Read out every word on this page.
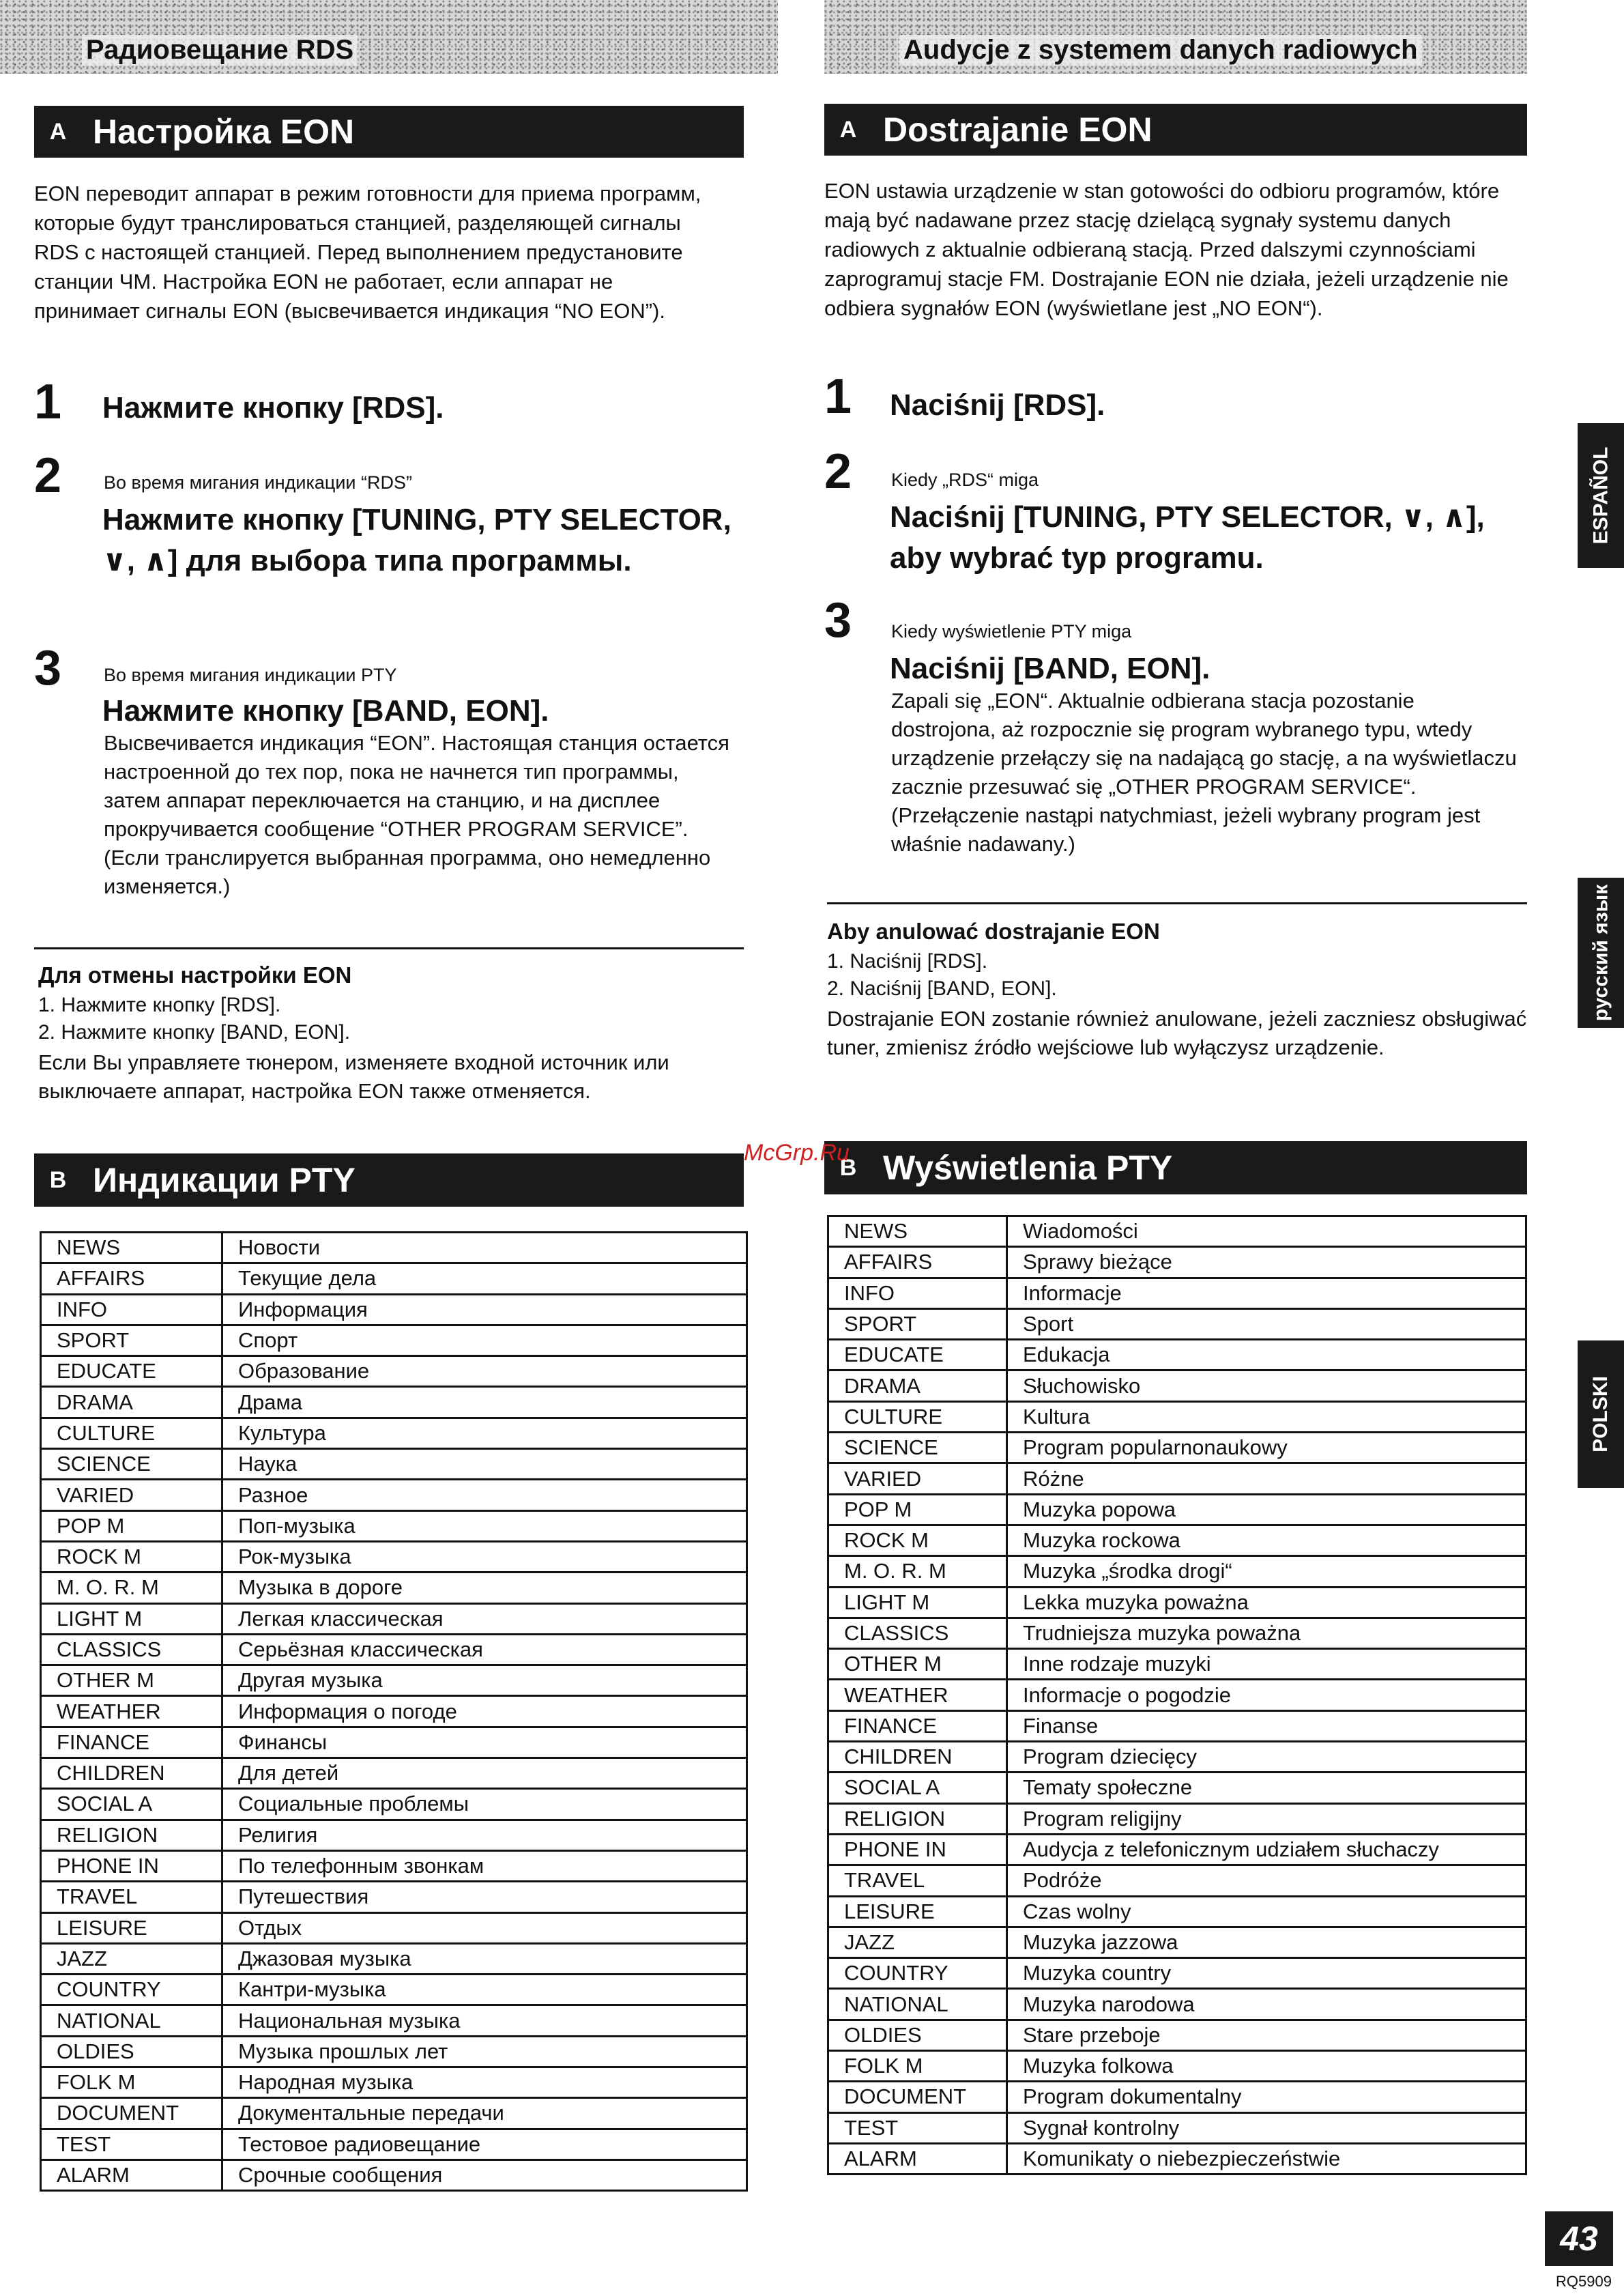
Радиовещание RDS
A Настройка EON

EON переводит аппарат в режим готовности для приема программ, которые будут транслироваться станцией, разделяющей сигналы RDS с настоящей станцией. Перед выполнением предустановите станции ЧМ. Настройка EON не работает, если аппарат не принимает сигналы EON (высвечивается индикация “NO EON”).

1 Нажмите кнопку [RDS].
2 Во время мигания индикации “RDS”
Нажмите кнопку [TUNING, PTY SELECTOR, ∨, ∧] для выбора типа программы.
3 Во время мигания индикации PTY
Нажмите кнопку [BAND, EON].
Высвечивается индикация “EON”. Настоящая станция остается настроенной до тех пор, пока не начнется тип программы, затем аппарат переключается на станцию, и на дисплее прокручивается сообщение “OTHER PROGRAM SERVICE”. (Если транслируется выбранная программа, оно немедленно изменяется.)
Для отмены настройки EON
1. Нажмите кнопку [RDS].
2. Нажмите кнопку [BAND, EON].
Если Вы управляете тюнером, изменяете входной источник или выключаете аппарат, настройка EON также отменяется.
B Индикации PTY
NEWS	Новости
AFFAIRS	Текущие дела
INFO	Информация
SPORT	Спорт
EDUCATE	Образование
DRAMA	Драма
CULTURE	Культура
SCIENCE	Наука
VARIED	Разное
POP M	Поп-музыка
ROCK M	Рок-музыка
M. O. R. M	Музыка в дороге
LIGHT M	Легкая классическая
CLASSICS	Серьёзная классическая
OTHER M	Другая музыка
WEATHER	Информация о погоде
FINANCE	Финансы
CHILDREN	Для детей
SOCIAL A	Социальные проблемы
RELIGION	Религия
PHONE IN	По телефонным звонкам
TRAVEL	Путешествия
LEISURE	Отдых
JAZZ	Джазовая музыка
COUNTRY	Кантри-музыка
NATIONAL	Национальная музыка
OLDIES	Музыка прошлых лет
FOLK M	Народная музыка
DOCUMENT	Документальные передачи
TEST	Тестовое радиовещание
ALARM	Срочные сообщения
Audycje z systemem danych radiowych
A Dostrajanie EON

EON ustawia urządzenie w stan gotowości do odbioru programów, które mają być nadawane przez stację dzielącą sygnały systemu danych radiowych z aktualnie odbieraną stacją. Przed dalszymi czynnościami zaprogramuj stacje FM. Dostrajanie EON nie działa, jeżeli urządzenie nie odbiera sygnałów EON (wyświetlane jest „NO EON“).

1 Naciśnij [RDS].
2 Kiedy „RDS“ miga
Naciśnij [TUNING, PTY SELECTOR, ∨, ∧], aby wybrać typ programu.
3 Kiedy wyświetlenie PTY miga
Naciśnij [BAND, EON].
Zapali się „EON“. Aktualnie odbierana stacja pozostanie dostrojona, aż rozpocznie się program wybranego typu, wtedy urządzenie przełączy się na nadającą go stację, a na wyświetlaczu zacznie przesuwać się „OTHER PROGRAM SERVICE“. (Przełączenie nastąpi natychmiast, jeżeli wybrany program jest właśnie nadawany.)
Aby anulować dostrajanie EON
1. Naciśnij [RDS].
2. Naciśnij [BAND, EON].
Dostrajanie EON zostanie również anulowane, jeżeli zaczniesz obsługiwać tuner, zmienisz źródło wejściowe lub wyłączysz urządzenie.
B Wyświetlenia PTY
NEWS	Wiadomości
AFFAIRS	Sprawy bieżące
INFO	Informacje
SPORT	Sport
EDUCATE	Edukacja
DRAMA	Słuchowisko
CULTURE	Kultura
SCIENCE	Program popularnonaukowy
VARIED	Różne
POP M	Muzyka popowa
ROCK M	Muzyka rockowa
M. O. R. M	Muzyka „środka drogi“
LIGHT M	Lekka muzyka poważna
CLASSICS	Trudniejsza muzyka poważna
OTHER M	Inne rodzaje muzyki
WEATHER	Informacje o pogodzie
FINANCE	Finanse
CHILDREN	Program dziecięcy
SOCIAL A	Tematy społeczne
RELIGION	Program religijny
PHONE IN	Audycja z telefonicznym udziałem słuchaczy
TRAVEL	Podróże
LEISURE	Czas wolny
JAZZ	Muzyka jazzowa
COUNTRY	Muzyka country
NATIONAL	Muzyka narodowa
OLDIES	Stare przeboje
FOLK M	Muzyka folkowa
DOCUMENT	Program dokumentalny
TEST	Sygnał kontrolny
ALARM	Komunikaty o niebezpieczeństwie
ESPAÑOL
русский язык
POLSKI
43
RQ5909
McGrp.Ru
